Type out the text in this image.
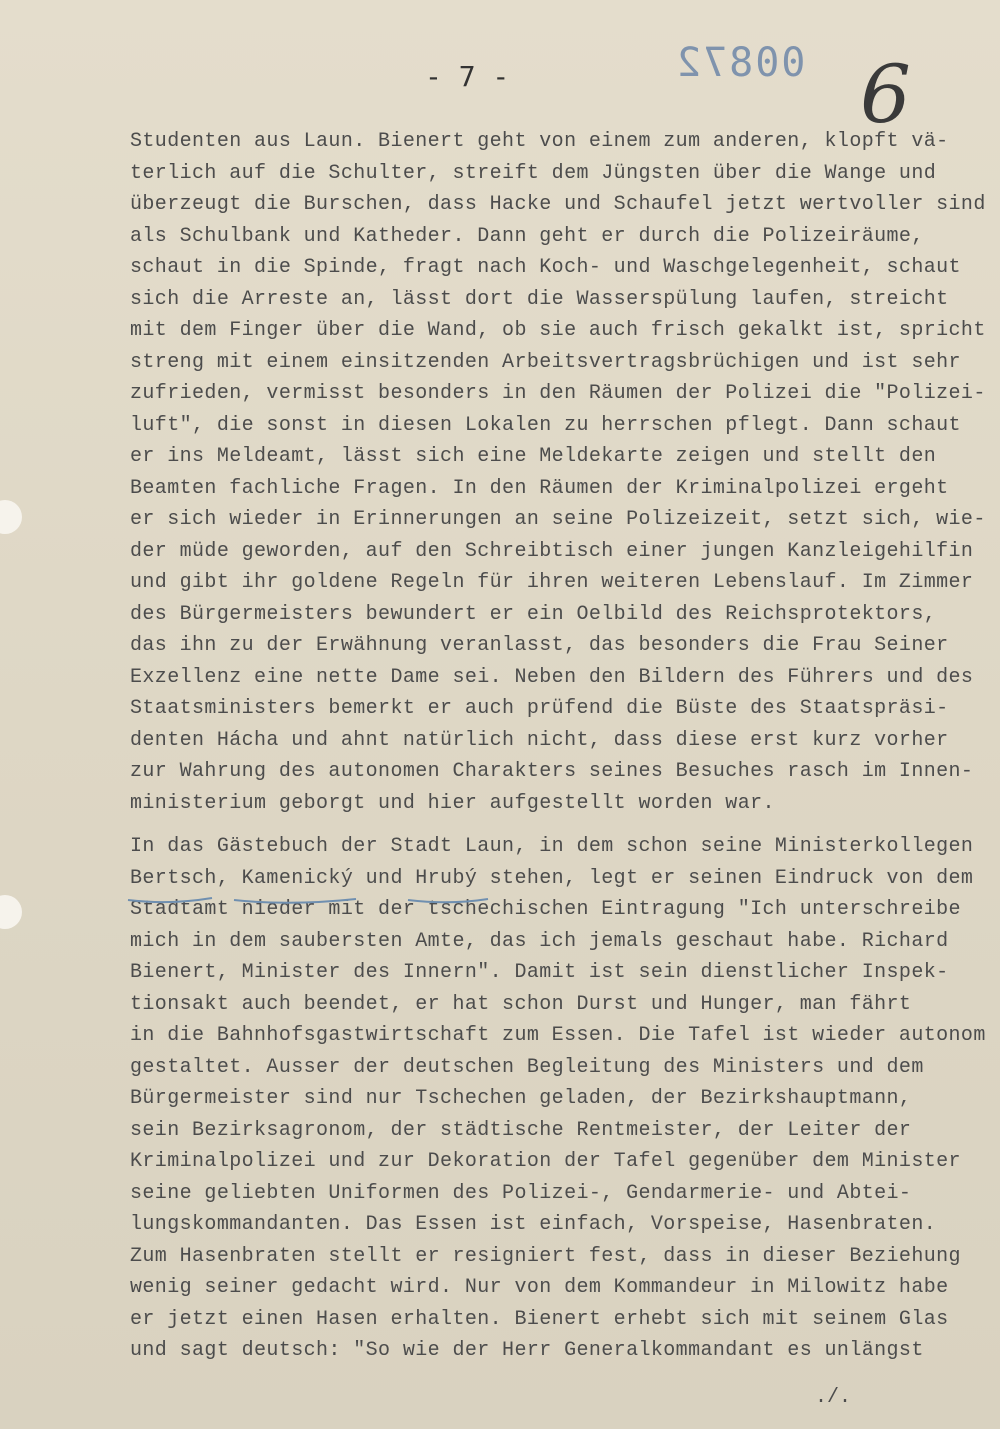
- 7 -	00872 6
Studenten aus Laun. Bienert geht von einem zum anderen, klopft vä-
terlich auf die Schulter, streift dem Jüngsten über die Wange und
überzeugt die Burschen, dass Hacke und Schaufel jetzt wertvoller sind
als Schulbank und Katheder. Dann geht er durch die Polizeiräume,
schaut in die Spinde, fragt nach Koch- und Waschgelegenheit, schaut
sich die Arreste an, lässt dort die Wasserspülung laufen, streicht
mit dem Finger über die Wand, ob sie auch frisch gekalkt ist, spricht
streng mit einem einsitzenden Arbeitsvertragsbrüchigen und ist sehr
zufrieden, vermisst besonders in den Räumen der Polizei die "Polizei-
luft", die sonst in diesen Lokalen zu herrschen pflegt. Dann schaut
er ins Meldeamt, lässt sich eine Meldekarte zeigen und stellt den
Beamten fachliche Fragen. In den Räumen der Kriminalpolizei ergeht
er sich wieder in Erinnerungen an seine Polizeizeit, setzt sich, wie-
der müde geworden, auf den Schreibtisch einer jungen Kanzleigehilfin
und gibt ihr goldene Regeln für ihren weiteren Lebenslauf. Im Zimmer
des Bürgermeisters bewundert er ein Oelbild des Reichsprotektors,
das ihn zu der Erwähnung veranlasst, das besonders die Frau Seiner
Exzellenz eine nette Dame sei. Neben den Bildern des Führers und des
Staatsministers bemerkt er auch prüfend die Büste des Staatspräsi-
denten Hácha und ahnt natürlich nicht, dass diese erst kurz vorher
zur Wahrung des autonomen Charakters seines Besuches rasch im Innen-
ministerium geborgt und hier aufgestellt worden war.
In das Gästebuch der Stadt Laun, in dem schon seine Ministerkollegen
Bertsch, Kamenický und Hrubý stehen, legt er seinen Eindruck von dem
Stadtamt nieder mit der tschechischen Eintragung "Ich unterschreibe
mich in dem saubersten Amte, das ich jemals geschaut habe. Richard
Bienert, Minister des Innern". Damit ist sein dienstlicher Inspek-
tionsakt auch beendet, er hat schon Durst und Hunger, man fährt
in die Bahnhofsgastwirtschaft zum Essen. Die Tafel ist wieder autonom
gestaltet. Ausser der deutschen Begleitung des Ministers und dem
Bürgermeister sind nur Tschechen geladen, der Bezirkshauptmann,
sein Bezirksagronom, der städtische Rentmeister, der Leiter der
Kriminalpolizei und zur Dekoration der Tafel gegenüber dem Minister
seine geliebten Uniformen des Polizei-, Gendarmerie- und Abtei-
lungskommandanten. Das Essen ist einfach, Vorspeise, Hasenbraten.
Zum Hasenbraten stellt er resigniert fest, dass in dieser Beziehung
wenig seiner gedacht wird. Nur von dem Kommandeur in Milowitz habe
er jetzt einen Hasen erhalten. Bienert erhebt sich mit seinem Glas
und sagt deutsch: "So wie der Herr Generalkommandant es unlängst
./.
